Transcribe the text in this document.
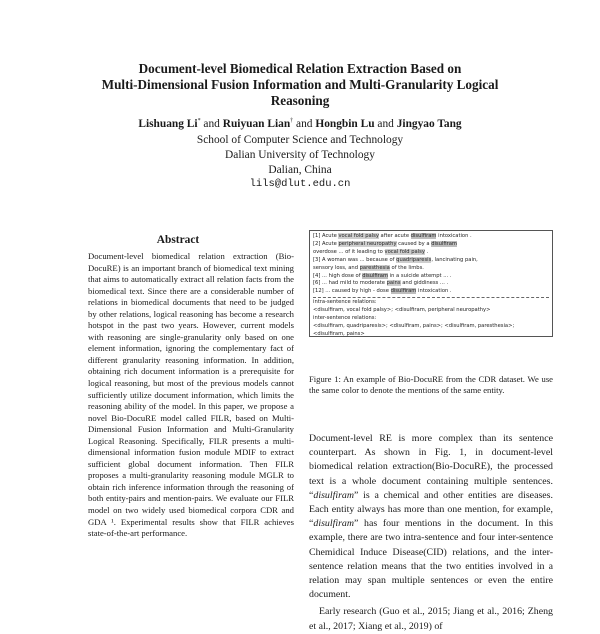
Document-level Biomedical Relation Extraction Based on
Multi-Dimensional Fusion Information and Multi-Granularity Logical
Reasoning
Lishuang Li* and Ruiyuan Lian† and Hongbin Lu and Jingyao Tang
School of Computer Science and Technology
Dalian University of Technology
Dalian, China
lils@dlut.edu.cn
Abstract
Document-level biomedical relation extraction (Bio-DocuRE) is an important branch of biomedical text mining that aims to automatically extract all relation facts from the biomedical text. Since there are a considerable number of relations in biomedical documents that need to be judged by other relations, logical reasoning has become a research hotspot in the past two years. However, current models with reasoning are single-granularity only based on one element information, ignoring the complementary fact of different granularity reasoning information. In addition, obtaining rich document information is a prerequisite for logical reasoning, but most of the previous models cannot sufficiently utilize document information, which limits the reasoning ability of the model. In this paper, we propose a novel Bio-DocuRE model called FILR, based on Multi-Dimensional Fusion Information and Multi-Granularity Logical Reasoning. Specifically, FILR presents a multi-dimensional information fusion module MDIF to extract sufficient global document information. Then FILR proposes a multi-granularity reasoning module MGLR to obtain rich inference information through the reasoning of both entity-pairs and mention-pairs. We evaluate our FILR model on two widely used biomedical corpora CDR and GDA ¹. Experimental results show that FILR achieves state-of-the-art performance.
[1] Acute vocal fold palsy after acute disulfiram intoxication .
[2] Acute peripheral neuropathy caused by a disulfiram
overdose ... of it leading to vocal fold palsy .
[3] A woman was ... because of quadriparesis, lancinating pain,
sensory loss, and paresthesia of the limbs.
[4] ... high dose of disulfiram in a suicide attempt ... .
[6] ... had mild to moderate pains and giddiness ... .
[12] ... caused by high - dose disulfiram intoxication .
intra-sentence relations:
<disulfiram, vocal fold palsy>; <disulfiram, peripheral neuropathy>
inter-sentence relations:
<disulfiram, quadriparesis>; <disulfiram, pains>; <disulfiram, paresthesia>;
<disulfiram, pains>
Figure 1: An example of Bio-DocuRE from the CDR dataset. We use the same color to denote the mentions of the same entity.

Document-level RE is more complex than its sentence counterpart. As shown in Fig. 1, in document-level biomedical relation extraction(Bio-DocuRE), the processed text is a whole document containing multiple sentences. “disulfiram” is a chemical and other entities are diseases. Each entity always has more than one mention, for example, “disulfiram” has four mentions in the document. In this example, there are two intra-sentence and four inter-sentence Chemidical Induce Disease(CID) relations, and the inter-sentence relation means that the two entities involved in a relation may span multiple sentences or even the entire document.

Early research (Guo et al., 2015; Jiang et al., 2016; Zheng et al., 2017; Xiang et al., 2019) of
